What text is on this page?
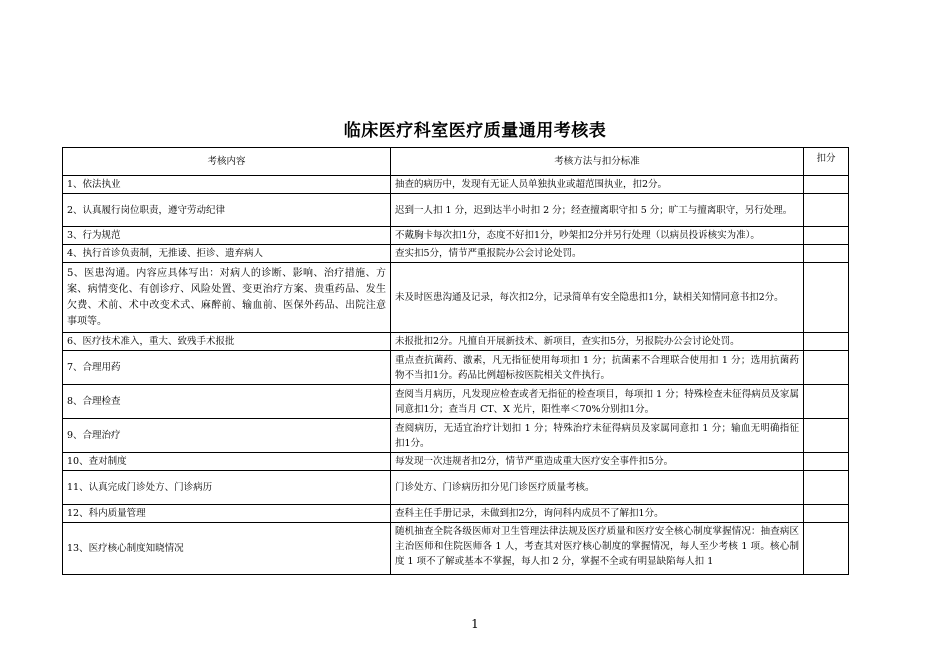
临床医疗科室医疗质量通用考核表
考核内容	考核方法与扣分标准	扣分
1、依法执业	抽查的病历中，发现有无证人员单独执业或超范围执业，扣2分。	
2、认真履行岗位职责，遵守劳动纪律	迟到一人扣 1 分，迟到达半小时扣 2 分；经查擅离职守扣 5 分；旷工与擅离职守，另行处理。	

3、行为规范	不戴胸卡每次扣1分，态度不好扣1分，吵架扣2分并另行处理（以病员投诉核实为准）。	
4、执行首诊负责制，无推诿、拒诊、遗弃病人	查实扣5分，情节严重报院办公会讨论处罚。	

5、医患沟通。内容应具体写出：对病人的诊断、影响、治疗措施、方案、病情变化、有创诊疗、风险处置、变更治疗方案、贵重药品、发生欠费、术前、术中改变术式、麻醉前、输血前、医保外药品、出院注意事项等。	未及时医患沟通及记录，每次扣2分，记录简单有安全隐患扣1分，缺相关知情同意书扣2分。	

6、医疗技术准入，重大、致残手术报批	未报批扣2分。凡擅自开展新技术、新项目，查实扣5分，另报院办公会讨论处罚。	
7、合理用药	重点查抗菌药、激素，凡无指征使用每项扣 1 分；抗菌素不合理联合使用扣 1 分；选用抗菌药物不当扣1分。药品比例超标按医院相关文件执行。	

8、合理检查	查阅当月病历，凡发现应检查或者无指征的检查项目，每项扣 1 分；特殊检查未征得病员及家属同意扣1分；查当月 CT、X 光片，阳性率＜70%分别扣1分。	

9、合理治疗	查阅病历，无适宜治疗计划扣 1 分；特殊治疗未征得病员及家属同意扣 1 分；输血无明确指征扣1分。	

10、查对制度	每发现一次违规者扣2分，情节严重造成重大医疗安全事件扣5分。	
11、认真完成门诊处方、门诊病历	门诊处方、门诊病历扣分见门诊医疗质量考核。	
12、科内质量管理	查科主任手册记录，未做到扣2分，询问科内成员不了解扣1分。	
13、医疗核心制度知晓情况	随机抽查全院各级医师对卫生管理法律法规及医疗质量和医疗安全核心制度掌握情况：抽查病区主治医师和住院医师各 1 人，考查其对医疗核心制度的掌握情况，每人至少考核 1 项。核心制度 1 项不了解或基本不掌握，每人扣 2 分，掌握不全或有明显缺陷每人扣 1	

1
